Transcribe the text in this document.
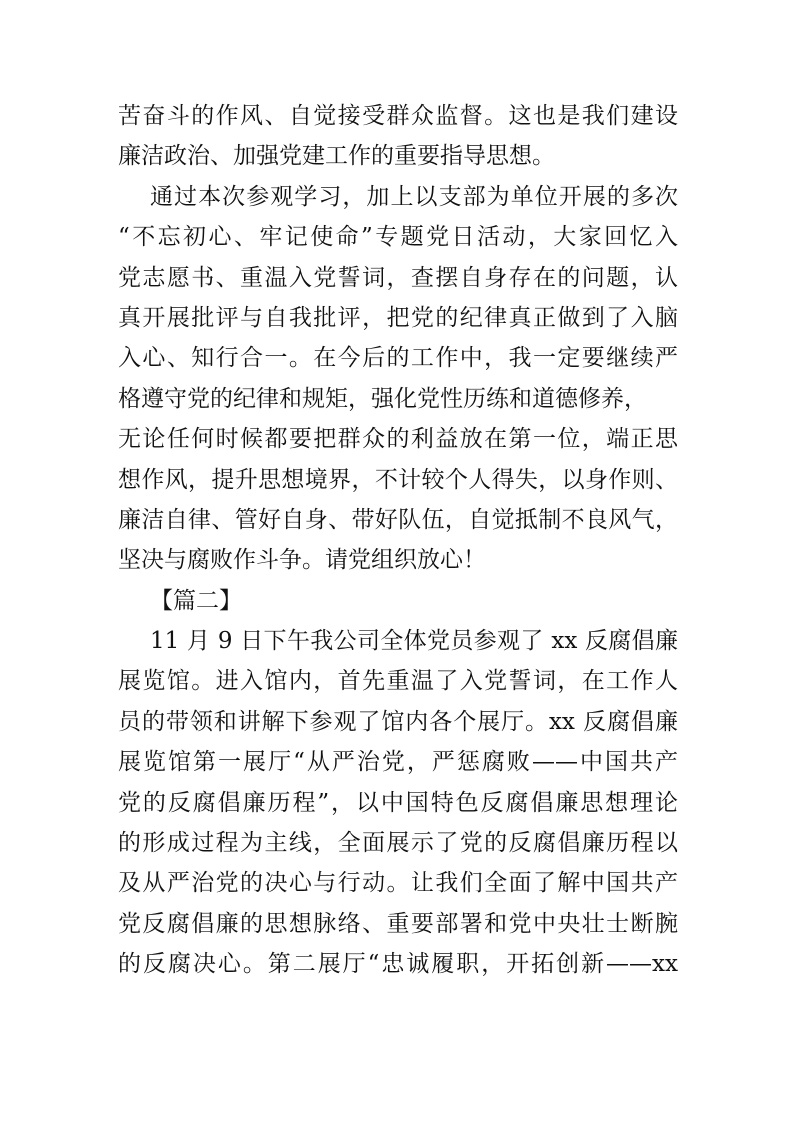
苦奋斗的作风、自觉接受群众监督。这也是我们建设
廉洁政治、加强党建工作的重要指导思想。
通过本次参观学习，加上以支部为单位开展的多次
“不忘初心、牢记使命”专题党日活动，大家回忆入
党志愿书、重温入党誓词，查摆自身存在的问题，认
真开展批评与自我批评，把党的纪律真正做到了入脑
入心、知行合一。在今后的工作中，我一定要继续严
格遵守党的纪律和规矩，强化党性历练和道德修养，
无论任何时候都要把群众的利益放在第一位，端正思
想作风，提升思想境界，不计较个人得失，以身作则、
廉洁自律、管好自身、带好队伍，自觉抵制不良风气，
坚决与腐败作斗争。请党组织放心！
【篇二】
11 月 9 日下午我公司全体党员参观了 xx 反腐倡廉
展览馆。进入馆内，首先重温了入党誓词，在工作人
员的带领和讲解下参观了馆内各个展厅。xx 反腐倡廉
展览馆第一展厅“从严治党，严惩腐败——中国共产
党的反腐倡廉历程”，以中国特色反腐倡廉思想理论
的形成过程为主线，全面展示了党的反腐倡廉历程以
及从严治党的决心与行动。让我们全面了解中国共产
党反腐倡廉的思想脉络、重要部署和党中央壮士断腕
的反腐决心。第二展厅“忠诚履职，开拓创新——xx
